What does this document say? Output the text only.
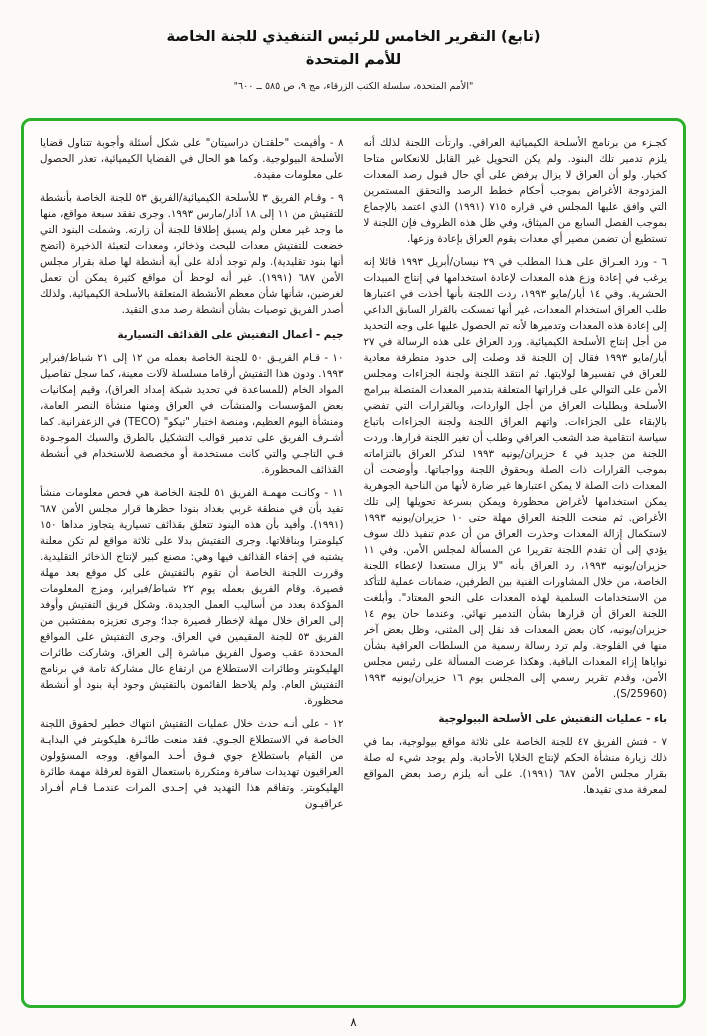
(تابع) التقرير الخامس للرئيس التنفيذي للجنة الخاصة
للأمم المتحدة
"الأمم المتحدة، سلسلة الكتب الزرقاء، مج ٩، ص ٥٨٥ ــ ٦٠٠"

كجـزء من برنامج الأسلحة الكيميائية العراقي. وارتأت اللجنة لذلك أنه يلزم تدمير تلك البنود. ولم يكن التحويل غير القابل للانعكاس متاحا كخيار. ولو أن العراق لا يزال يرفض على أي حال قبول رصد المعدات المزدوجة الأغراض بموجب أحكام خطط الرصد والتحقق المستمرين التي وافق عليها المجلس في قراره ٧١٥ (١٩٩١) الذي اعتمد بالإجماع بموجب الفصل السابع من الميثاق، وفي ظل هذه الظروف فإن اللجنة لا تستطيع أن تضمن مصير أي معدات يقوم العراق بإعادة وزعها.

٦ - ورد العـراق على هـذا المطلب في ٢٩ نيسان/أبريل ١٩٩٣ قائلا إنه يرغب في إعادة وزع هذه المعدات لإعادة استخدامها في إنتاج المبيدات الحشرية. وفي ١٤ أيار/مايو ١٩٩٣، ردت اللجنة بأنها أخذت في اعتبارها طلب العراق استخدام المعدات، غير أنها تمسكت بالقرار السابق الداعي إلى إعادة هذه المعدات وتدميرها لأنه تم الحصول عليها على وجه التحديد من أجل إنتاج الأسلحة الكيميائية. ورد العراق على هذه الرسالة في ٢٧ أيار/مايو ١٩٩٣ فقال إن اللجنة قد وصلت إلى حدود متطرفة معادية للعراق في تفسيرها لولايتها. ثم انتقد اللجنة ولجنة الجزاءات ومجلس الأمن على التوالي على قراراتها المتعلقة بتدمير المعدات المتصلة ببرامج الأسلحة وبطلبات العراق من أجل الواردات، وبالقرارات التي تفضي بالإبقاء على الجزاءات. واتهم العراق اللجنة ولجنة الجزاءات باتباع سياسة انتقامية ضد الشعب العراقي وطلب أن تغير اللجنة قرارها. وردت اللجنة من جديد في ٤ حزيران/يونيه ١٩٩٣ لتذكر العراق بالتزاماته بموجب القرارات ذات الصلة وبحقوق اللجنة وواجباتها. وأوضحت أن المعدات ذات الصلة لا يمكن اعتبارها غير ضارة لأنها من الناحية الجوهرية يمكن استخدامها لأغراض محظورة ويمكن بسرعة تحويلها إلى تلك الأغراض. ثم منحت اللجنة العراق مهلة حتى ١٠ حزيران/يونيه ١٩٩٣ لاستكمال إزالة المعدات وحذرت العراق من أن عدم تنفيذ ذلك سوف يؤدي إلى أن تقدم اللجنة تقريرا عن المسألة لمجلس الأمن. وفي ١١ حزيران/يونيه ١٩٩٣، رد العراق بأنه "لا يزال مستعدا لإعطاء اللجنة الخاصة، من خلال المشاورات الفنية بين الطرفين، ضمانات عملية للتأكد من الاستخدامات السلمية لهذه المعدات على النحو المعتاد". وأبلغت اللجنة العراق أن قرارها بشأن التدمير نهائي. وعندما حان يوم ١٤ حزيران/يونيه، كان بعض المعدات قد نقل إلى المثنى، وظل بعض آخر منها في الفلوجة. ولم ترد رسالة رسمية من السلطات العراقية بشأن نواياها إزاء المعدات الباقية. وهكذا عرضت المسألة على رئيس مجلس الأمن، وقدم تقرير رسمي إلى المجلس يوم ١٦ حزيران/يونيه ١٩٩٣ (S/25960).

باء - عمليات التفتيش على الأسلحة البيولوجية

٧ - فتش الفريق ٤٧ للجنة الخاصة على ثلاثة مواقع بيولوجية، بما في ذلك زيارة منشأة الحكم لإنتاج الخلايا الأحادية. ولم يوجد شيء له صلة بقرار مجلس الأمن ٦٨٧ (١٩٩١). على أنه يلزم رصد بعض المواقع لمعرفة مدى تقيدها.

٨ - وأقيمت "حلقتـان دراسيتان" على شكل أسئلة وأجوبة تتناول قضايا الأسلحة البيولوجية. وكما هو الحال في القضايا الكيميائية، تعذر الحصول على معلومات مفيدة.

٩ - وقـام الفريق ٣ للأسلحة الكيميائية/الفريق ٥٣ للجنة الخاصة بأنشطة للتفتيش من ١١ إلى ١٨ آذار/مارس ١٩٩٣. وجرى تفقد سبعة مواقع، منها ما وجد غير معلن ولم يسبق إطلاقا للجنة أن زارته. وشملت البنود التي خضعت للتفتيش معدات للبحث وذخائر، ومعدات لتعبئة الذخيرة (اتضح أنها بنود تقليدية). ولم توجد أدلة على أية أنشطة لها صلة بقرار مجلس الأمن ٦٨٧ (١٩٩١). غير أنه لوحظ أن مواقع كثيرة يمكن أن تعمل لغرضين، شأنها شأن معظم الأنشطة المتعلقة بالأسلحة الكيميائية. ولذلك أصدر الفريق توصيات بشأن أنشطة رصد مدى التقيد.

جيم - أعمال التفتيش على القذائف التسيارية

١٠ - قـام الفريـق ٥٠ للجنة الخاصة بعمله من ١٢ إلى ٢١ شباط/فبراير ١٩٩٣. ودون هذا التفتيش أرقاما مسلسلة لآلات معينة، كما سجل تفاصيل المواد الخام (للمساعدة في تحديد شبكة إمداد العراق)، وقيم إمكانيات بعض المؤسسات والمنشآت في العراق ومنها منشأة النصر العامة، ومنشأة اليوم العظيم، ومنصة اختبار "تيكو" (TECO) في الزعفرانية. كما أشـرف الفريق على تدمير قوالب التشكيل بالطرق والسبك الموجـودة فـي التاجـي والتي كانت مستخدمة أو مخصصة للاستخدام في أنشطة القذائف المحظورة.

١١ - وكانـت مهمـة الفريق ٥١ للجنة الخاصة هي فحص معلومات منشأ تفيد بأن في منطقة غربي بغداد بنودا حظرها قرار مجلس الأمن ٦٨٧ (١٩٩١). وأفيد بأن هذه البنود تتعلق بقذائف تسيارية يتجاوز مداها ١٥٠ كيلومترا وبناقلاتها. وجرى التفتيش بدلا على ثلاثة مواقع لم تكن معلنة يشتبه في إخفاء القذائف فيها وهي: مصنع كبير لإنتاج الذخائر التقليدية. وقررت اللجنة الخاصة أن تقوم بالتفتيش على كل موقع بعد مهلة قصيرة. وقام الفريق بعمله يوم ٢٢ شباط/فبراير، ومزج المعلومات المؤكدة بعدد من أساليب العمل الجديدة. وشكل فريق التفتيش وأوفد إلى العراق خلال مهلة لإخطار قصيرة جدا؛ وجرى تعزيزه بمفتشين من الفريق ٥٣ للجنة المقيمين في العراق. وجرى التفتيش على المواقع المحددة عقب وصول الفريق مباشرة إلى العراق. وشاركت طائرات الهليكوبتر وطائرات الاستطلاع من ارتفاع عال مشاركة تامة في برنامج التفتيش العام. ولم يلاحظ القائمون بالتفتيش وجود أية بنود أو أنشطة محظورة.

١٢ - على أنـه حدث خلال عمليات التفتيش انتهاك خطير لحقوق اللجنة الخاصة في الاستطلاع الجـوي. فقد منعت طائـرة هليكوبتر في البدايـة من القيام باستطلاع جوي فـوق أحـد المواقع. ووجه المسؤولون العراقيون تهديدات سافرة ومتكررة باستعمال القوة لعرقلة مهمة طائرة الهليكوبتر. وتفاقم هذا التهديد في إحـدى المرات عندمـا قـام أفـراد عراقيـون

٨
